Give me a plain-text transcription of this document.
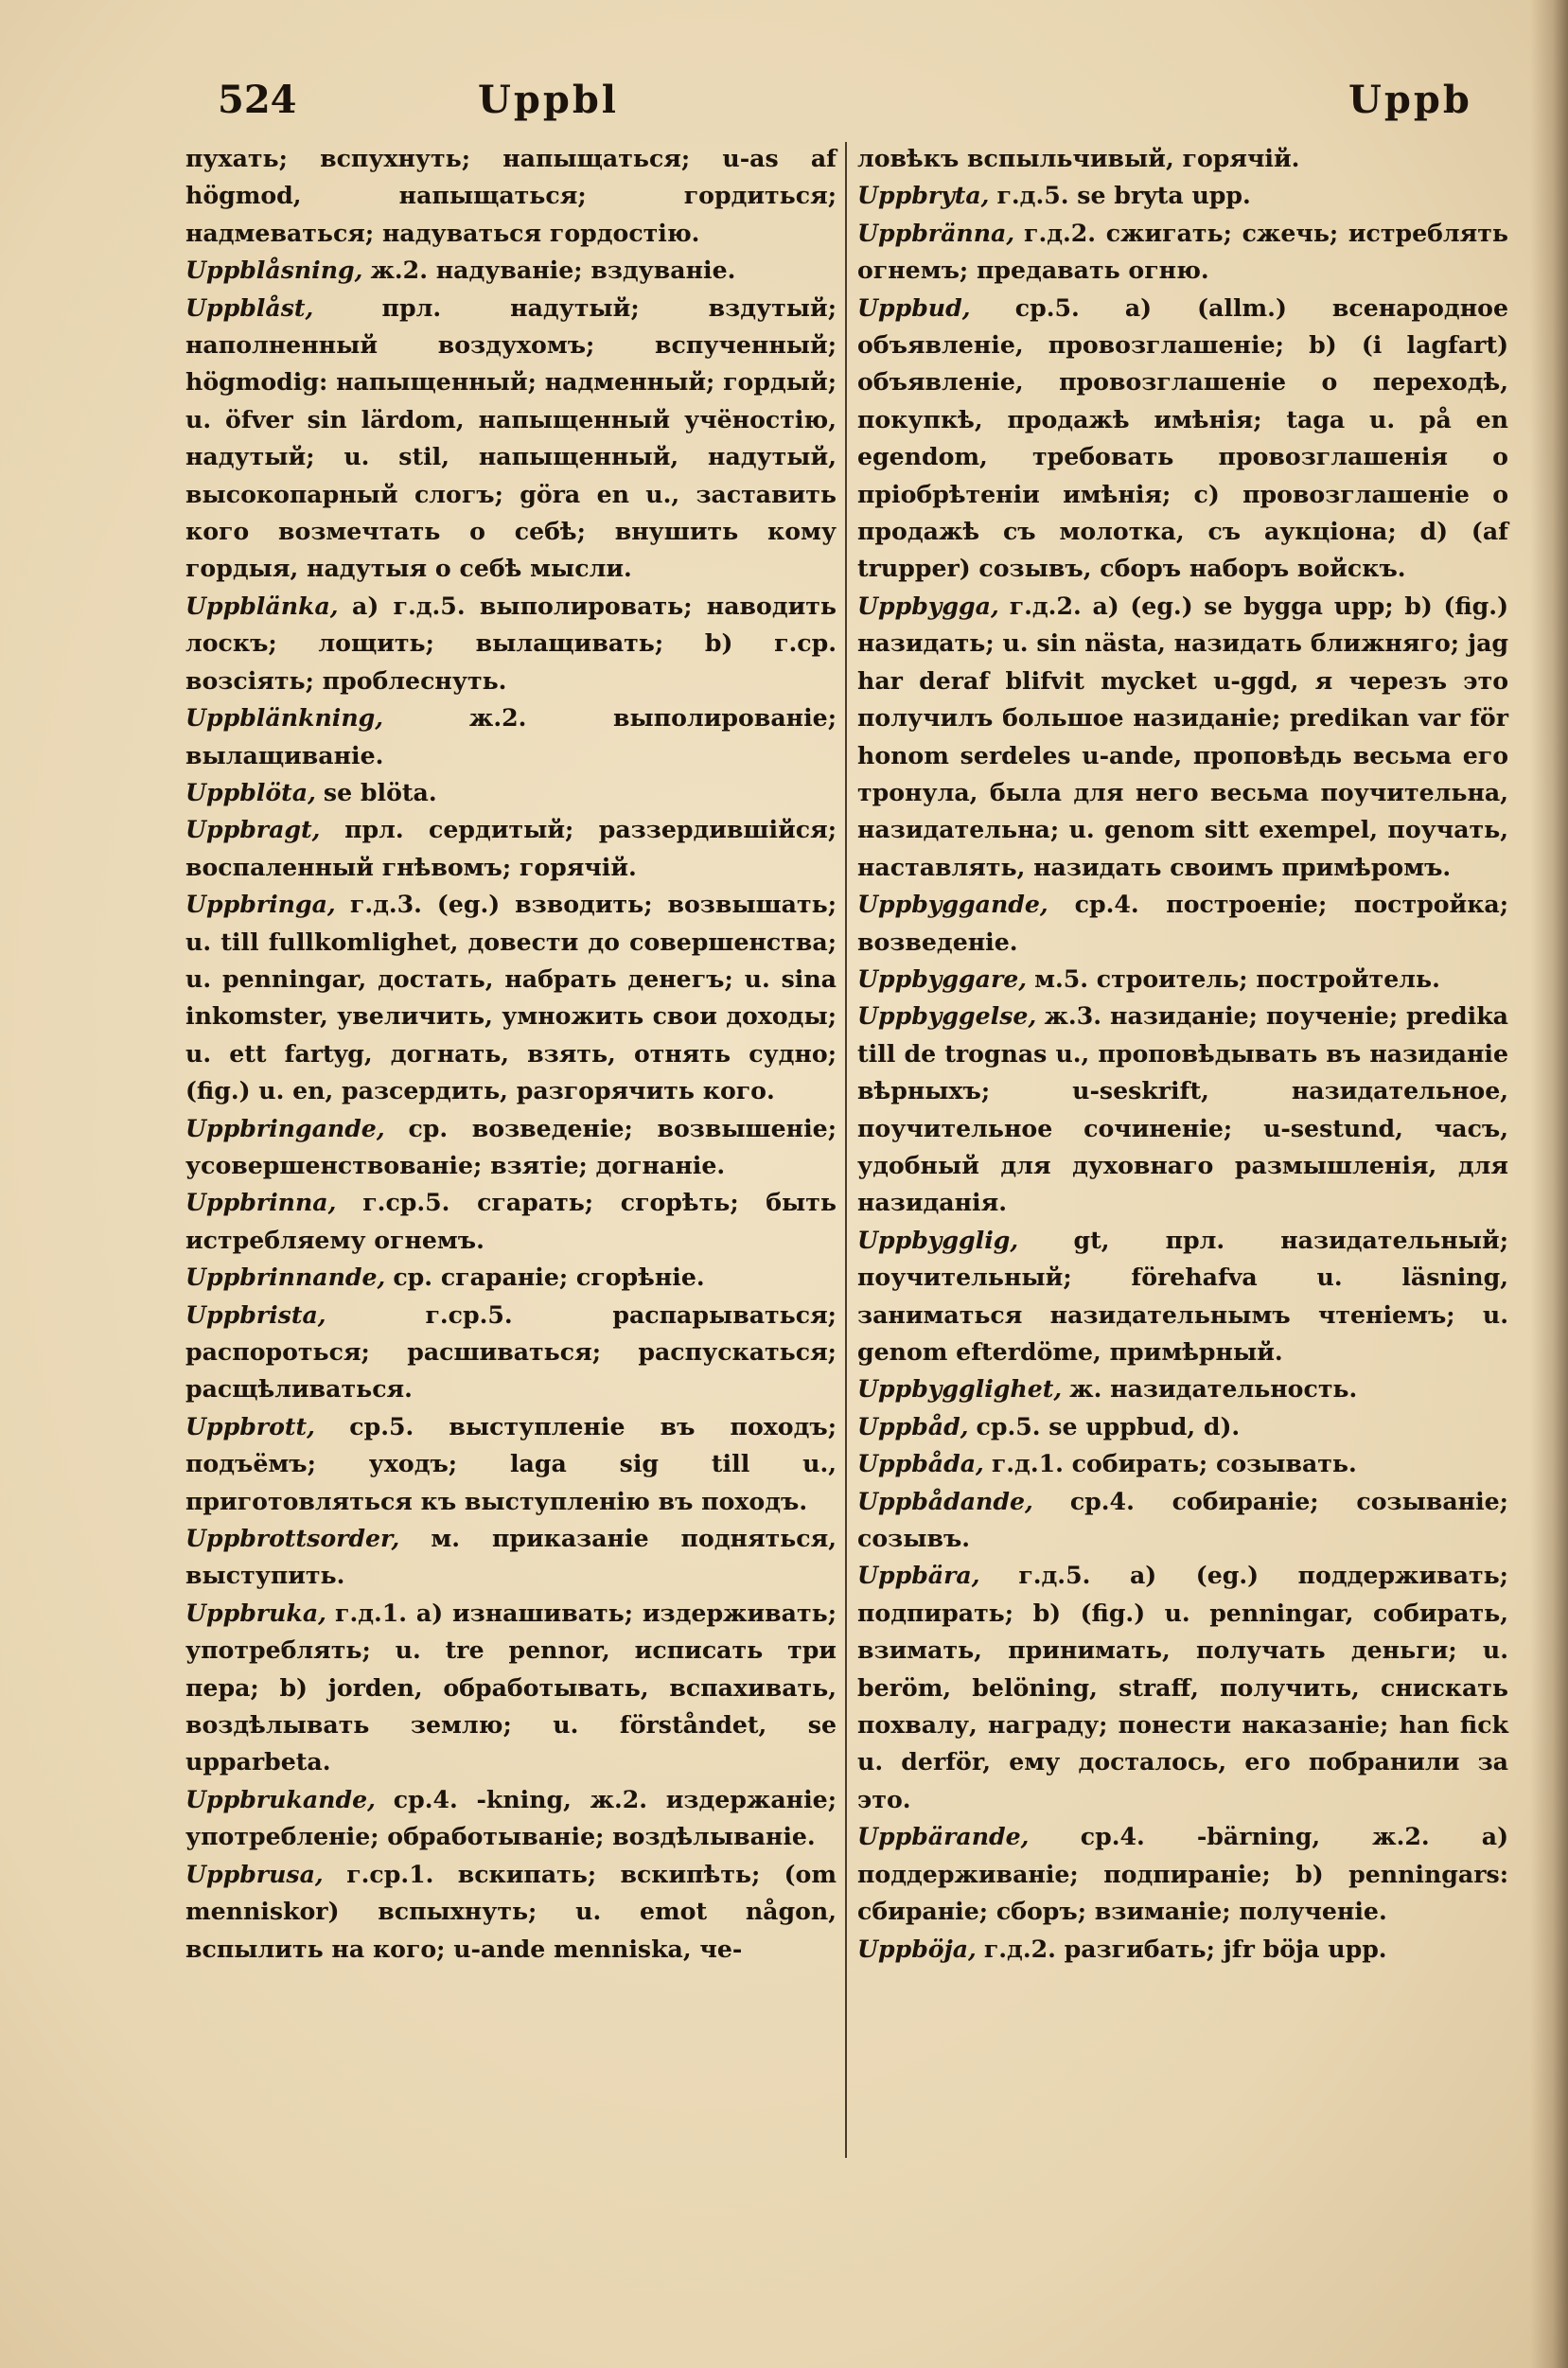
524	Uppbl	Uppb

пухать; вспухнуть; напыщаться; u-as af högmod, напыщаться; гордиться; надмеваться; надуваться гордостію.

Uppblåsning, ж.2. надуваніе; вздуваніе.

Uppblåst,	прл. надутый; вздутый; наполненный воздухомъ; вспученный; högmodig: напыщенный; надменный; гордый; u. öfver sin lärdom, напыщенный учёностію, надутый; u. stil, напыщенный, надутый, высокопарный слогъ; göra en u., заставить кого возмечтать о себѣ; внушить кому гордыя, надутыя о себѣ мысли.

Uppblänka, а) г.д.5. выполировать; наводить лоскъ; лощить; вылащивать; b) г.ср. возсіять; проблеснуть.

Uppblänkning,	ж.2. выполированіе; вылащиваніе.

Uppblöta, se blöta.

Uppbragt, прл. сердитый; раззердившійся; воспаленный гнѣвомъ; горячій.

Uppbringa, г.д.3. (eg.) взводить; возвышать; u. till fullkomlighet, довести до совершенства; u. penningar, достать, набрать денегъ; u. sina inkomster, увеличить, умножить свои доходы; u. ett fartyg, догнать, взять, отнять судно; (fig.) u. en, разсердить, разгорячить кого.

Uppbringande, ср. возведеніе; возвышеніе; усовершенствованіе; взятіе; догнаніе.

Uppbrinna, г.ср.5. сгарать; сгорѣть; быть истребляему огнемъ.

Uppbrinnande, ср. сгараніе; сгорѣніе.

Uppbrista,	г.ср.5. распарываться; распороться; расшиваться; распускаться; расщѣливаться.

Uppbrott, ср.5. выступленіе въ походъ; подъёмъ; уходъ; laga sig till u., приготовляться къ выступленію въ походъ.

Uppbrottsorder, м. приказаніе подняться, выступить.

Uppbruka, г.д.1. а) изнашивать; издерживать; употреблять; u. tre pennor, исписать три пера; b) jorden, обработывать, вспахивать, воздѣлывать землю; u. förståndet, se upparbeta.

Uppbrukande, ср.4. -kning, ж.2. издержаніе; употребленіе; обработываніе; воздѣлываніе.

Uppbrusa, г.ср.1. вскипать; вскипѣть; (om menniskor) вспыхнуть; u. emot någon, вспылить на кого; u-ande menniska, че-

ловѣкъ вспыльчивый, горячій.

Uppbryta, г.д.5. se bryta upp.

Uppbränna, г.д.2. сжигать; сжечь; истреблять огнемъ; предавать огню.

Uppbud, ср.5. а) (allm.) всенародное объявленіе, провозглашеніе; b) (i lagfart) объявленіе, провозглашеніе о переходѣ, покупкѣ, продажѣ имѣнія; taga u. på en egendom, требовать провозглашенія о пріобрѣтеніи имѣнія; c) провозглашеніе о продажѣ съ молотка, съ аукціона; d) (af trupper) созывъ, сборъ наборъ войскъ.

Uppbygga, г.д.2. а) (eg.) se bygga upp; b) (fig.) назидать; u. sin nästa, назидать ближняго; jag har deraf blifvit mycket u-ggd, я черезъ это получилъ большое назиданіе; predikan var för honom serdeles u-ande, проповѣдь весьма его тронула, была для него весьма поучительна, назидательна; u. genom sitt exempel, поучать, наставлять, назидать своимъ примѣромъ.

Uppbyggande, ср.4. построеніе; постройка; возведеніе.

Uppbyggare, м.5. строитель; постройтель.

Uppbyggelse, ж.3. назиданіе; поученіе; predika till de trognas u., проповѣдывать въ назиданіе вѣрныхъ; u-seskrift, назидательное, поучительное сочиненіе; u-sestund, часъ, удобный для духовнаго размышленія, для назиданія.

Uppbygglig, gt, прл. назидательный; поучительный; förehafva u. läsning, заниматься назидательнымъ чтеніемъ; u. genom efterdöme, примѣрный.

Uppbygglighet, ж. назидательность.

Uppbåd, ср.5. se uppbud, d).

Uppbåda, г.д.1. собирать; созывать.

Uppbådande, ср.4. собираніе; созываніе; созывъ.

Uppbära, г.д.5. а) (eg.) поддерживать; подпирать; b) (fig.) u. penningar, собирать, взимать, принимать, получать деньги; u. beröm, belöning, straff, получить, снискать похвалу, награду; понести наказаніе; han fick u. derför, ему досталось, его побранили за это.

Uppbärande, ср.4. -bärning, ж.2. а) поддерживаніе; подпираніе; b) penningars: сбираніе; сборъ; взиманіе; полученіе.

Uppböja, г.д.2. разгибать; jfr böja upp.
